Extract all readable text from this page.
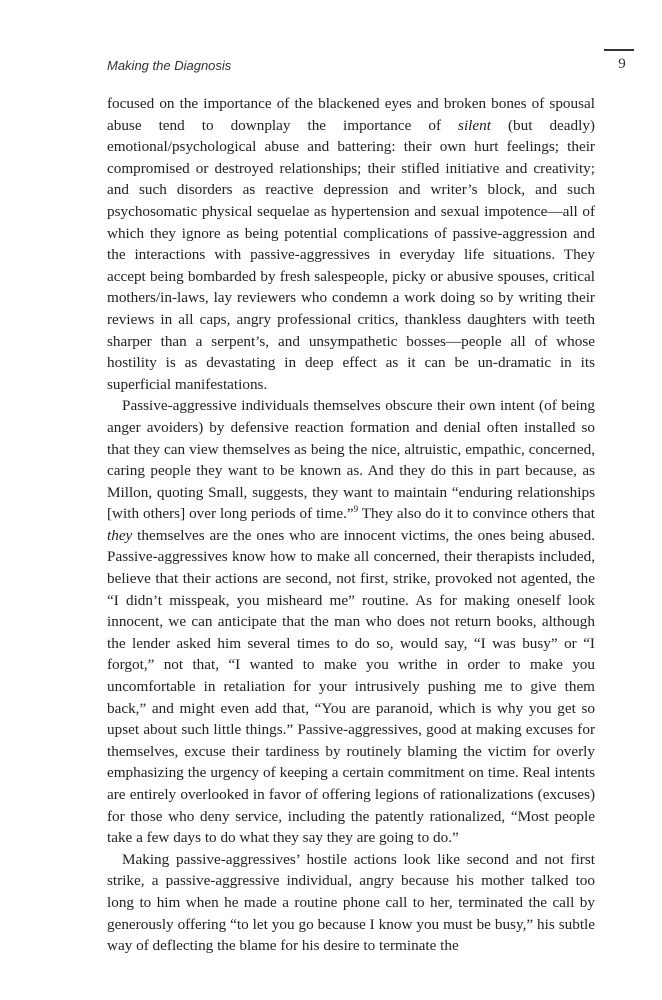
Making the Diagnosis	9

focused on the importance of the blackened eyes and broken bones of spousal abuse tend to downplay the importance of silent (but deadly) emotional/psychological abuse and battering: their own hurt feelings; their compromised or destroyed relationships; their stifled initiative and creativity; and such disorders as reactive depression and writer’s block, and such psychosomatic physical sequelae as hypertension and sexual impotence—all of which they ignore as being potential complications of passive-aggression and the interactions with passive-aggressives in everyday life situations. They accept being bombarded by fresh salespeople, picky or abusive spouses, critical mothers/in-laws, lay reviewers who condemn a work doing so by writing their reviews in all caps, angry professional critics, thankless daughters with teeth sharper than a serpent’s, and unsympathetic bosses—people all of whose hostility is as devastating in deep effect as it can be un-dramatic in its superficial manifestations.

Passive-aggressive individuals themselves obscure their own intent (of being anger avoiders) by defensive reaction formation and denial often installed so that they can view themselves as being the nice, altruistic, empathic, concerned, caring people they want to be known as. And they do this in part because, as Millon, quoting Small, suggests, they want to maintain “enduring relationships [with others] over long periods of time.”$^9$ They also do it to convince others that they themselves are the ones who are innocent victims, the ones being abused. Passive-aggressives know how to make all concerned, their therapists included, believe that their actions are second, not first, strike, provoked not agented, the “I didn’t misspeak, you misheard me” routine. As for making oneself look innocent, we can anticipate that the man who does not return books, although the lender asked him several times to do so, would say, “I was busy” or “I forgot,” not that, “I wanted to make you writhe in order to make you uncomfortable in retaliation for your intrusively pushing me to give them back,” and might even add that, “You are paranoid, which is why you get so upset about such little things.” Passive-aggressives, good at making excuses for themselves, excuse their tardiness by routinely blaming the victim for overly emphasizing the urgency of keeping a certain commitment on time. Real intents are entirely overlooked in favor of offering legions of rationalizations (excuses) for those who deny service, including the patently rationalized, “Most people take a few days to do what they say they are going to do.”

Making passive-aggressives’ hostile actions look like second and not first strike, a passive-aggressive individual, angry because his mother talked too long to him when he made a routine phone call to her, terminated the call by generously offering “to let you go because I know you must be busy,” his subtle way of deflecting the blame for his desire to terminate the
